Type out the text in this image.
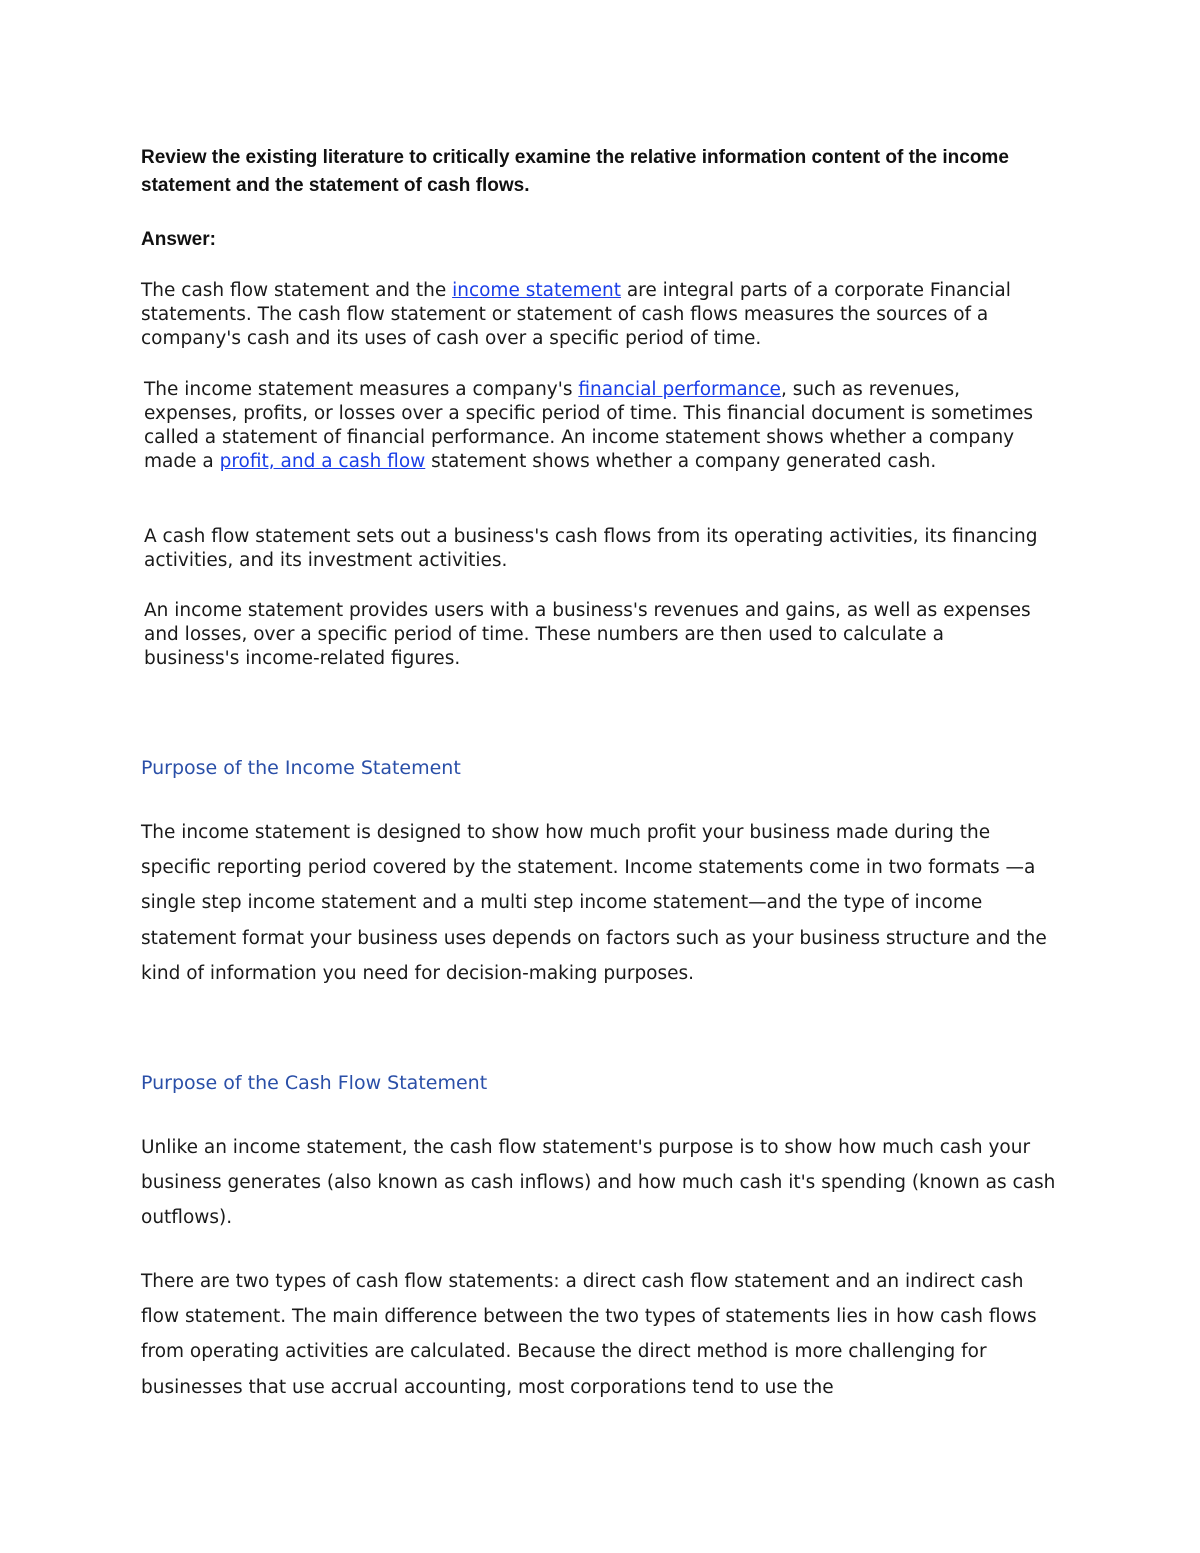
Review the existing literature to critically examine the relative information content of the income statement and the statement of cash flows.

Answer:

The cash flow statement and the income statement are integral parts of a corporate Financial statements. The cash flow statement or statement of cash flows measures the sources of a company's cash and its uses of cash over a specific period of time.

The income statement measures a company's financial performance, such as revenues, expenses, profits, or losses over a specific period of time. This financial document is sometimes called a statement of financial performance. An income statement shows whether a company made a profit, and a cash flow statement shows whether a company generated cash.

A cash flow statement sets out a business's cash flows from its operating activities, its financing activities, and its investment activities.

An income statement provides users with a business's revenues and gains, as well as expenses and losses, over a specific period of time. These numbers are then used to calculate a business's income-related figures.

Purpose of the Income Statement

The income statement is designed to show how much profit your business made during the specific reporting period covered by the statement. Income statements come in two formats —a single step income statement and a multi step income statement—and the type of income statement format your business uses depends on factors such as your business structure and the kind of information you need for decision-making purposes.

Purpose of the Cash Flow Statement

Unlike an income statement, the cash flow statement's purpose is to show how much cash your business generates (also known as cash inflows) and how much cash it's spending (known as cash outflows).

There are two types of cash flow statements: a direct cash flow statement and an indirect cash flow statement. The main difference between the two types of statements lies in how cash flows from operating activities are calculated. Because the direct method is more challenging for businesses that use accrual accounting, most corporations tend to use the
